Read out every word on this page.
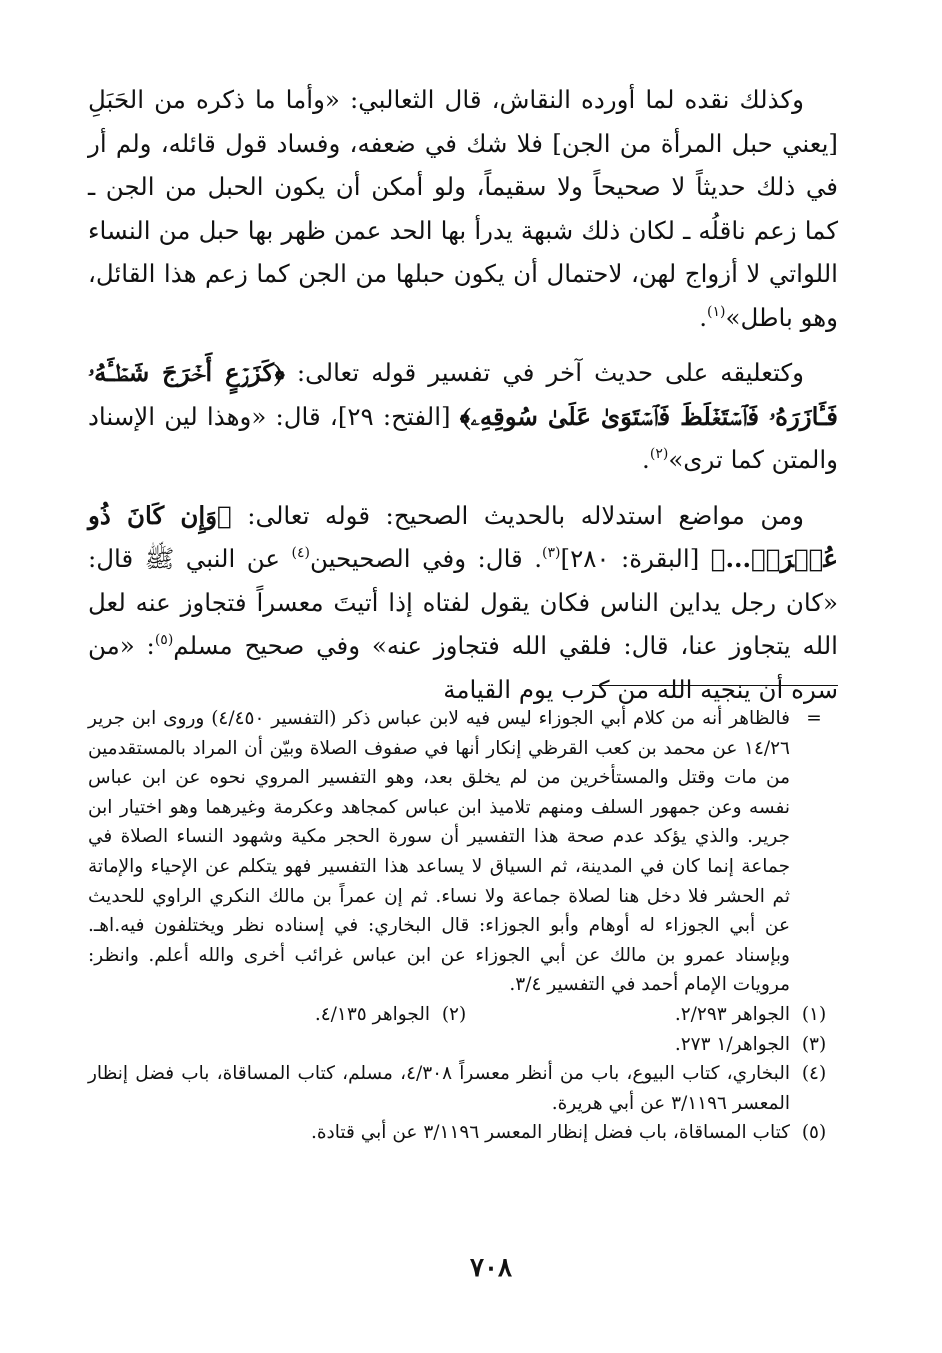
وكذلك نقده لما أورده النقاش، قال الثعالبي: «وأما ما ذكره من الحَبَلِ [يعني حبل المرأة من الجن] فلا شك في ضعفه، وفساد قول قائله، ولم أر في ذلك حديثاً لا صحيحاً ولا سقيماً، ولو أمكن أن يكون الحبل من الجن ـ كما زعم ناقلُه ـ لكان ذلك شبهة يدرأ بها الحد عمن ظهر بها حبل من النساء اللواتي لا أزواج لهن، لاحتمال أن يكون حبلها من الجن كما زعم هذا القائل، وهو باطل»$^{(١)}$.

وكتعليقه على حديث آخر في تفسير قوله تعالى: ﴿كَزَرۡعٍ أَخۡرَجَ شَطۡـَٔهُۥ فَـَٔازَرَهُۥ فَٱسۡتَغۡلَظَ فَٱسۡتَوَىٰ عَلَىٰ سُوقِهِۦ﴾ [الفتح: ٢٩]، قال: «وهذا لين الإسناد والمتن كما ترى»$^{(٢)}$.

ومن مواضع استدلاله بالحديث الصحيح: قوله تعالى: ﴿وَإِن كَانَ ذُو عُسۡرَةٖ...﴾ [البقرة: ٢٨٠]$^{(٣)}$. قال: وفي الصحيحين$^{(٤)}$ عن النبي ﷺ قال: «كان رجل يداين الناس فكان يقول لفتاه إذا أتيتَ معسراً فتجاوز عنه لعل الله يتجاوز عنا، قال: فلقي الله فتجاوز عنه» وفي صحيح مسلم$^{(٥)}$: «من سره أن ينجيه الله من كرب يوم القيامة

=
فالظاهر أنه من كلام أبي الجوزاء ليس فيه لابن عباس ذكر (التفسير ٤/٤٥٠) وروى ابن جرير ١٤/٢٦ عن محمد بن كعب القرظي إنكار أنها في صفوف الصلاة وبيّن أن المراد بالمستقدمين من مات وقتل والمستأخرين من لم يخلق بعد، وهو التفسير المروي نحوه عن ابن عباس نفسه وعن جمهور السلف ومنهم تلاميذ ابن عباس كمجاهد وعكرمة وغيرهما وهو اختيار ابن جرير. والذي يؤكد عدم صحة هذا التفسير أن سورة الحجر مكية وشهود النساء الصلاة في جماعة إنما كان في المدينة، ثم السياق لا يساعد هذا التفسير فهو يتكلم عن الإحياء والإماتة ثم الحشر فلا دخل هنا لصلاة جماعة ولا نساء. ثم إن عمراً بن مالك النكري الراوي للحديث عن أبي الجوزاء له أوهام وأبو الجوزاء: قال البخاري: في إسناده نظر ويختلفون فيه.اهـ. وبإسناد عمرو بن مالك عن أبي الجوزاء عن ابن عباس غرائب أخرى والله أعلم. وانظر: مرويات الإمام أحمد في التفسير ٣/٤.
(١)
الجواهر ٢/٢٩٣.
(٢)
الجواهر ٤/١٣٥.
(٣)
الجواهر/١ ٢٧٣.
(٤)
البخاري، كتاب البيوع، باب من أنظر معسراً ٤/٣٠٨، مسلم، كتاب المساقاة، باب فضل إنظار المعسر ٣/١١٩٦ عن أبي هريرة.
(٥)
كتاب المساقاة، باب فضل إنظار المعسر ٣/١١٩٦ عن أبي قتادة.
٧٠٨
